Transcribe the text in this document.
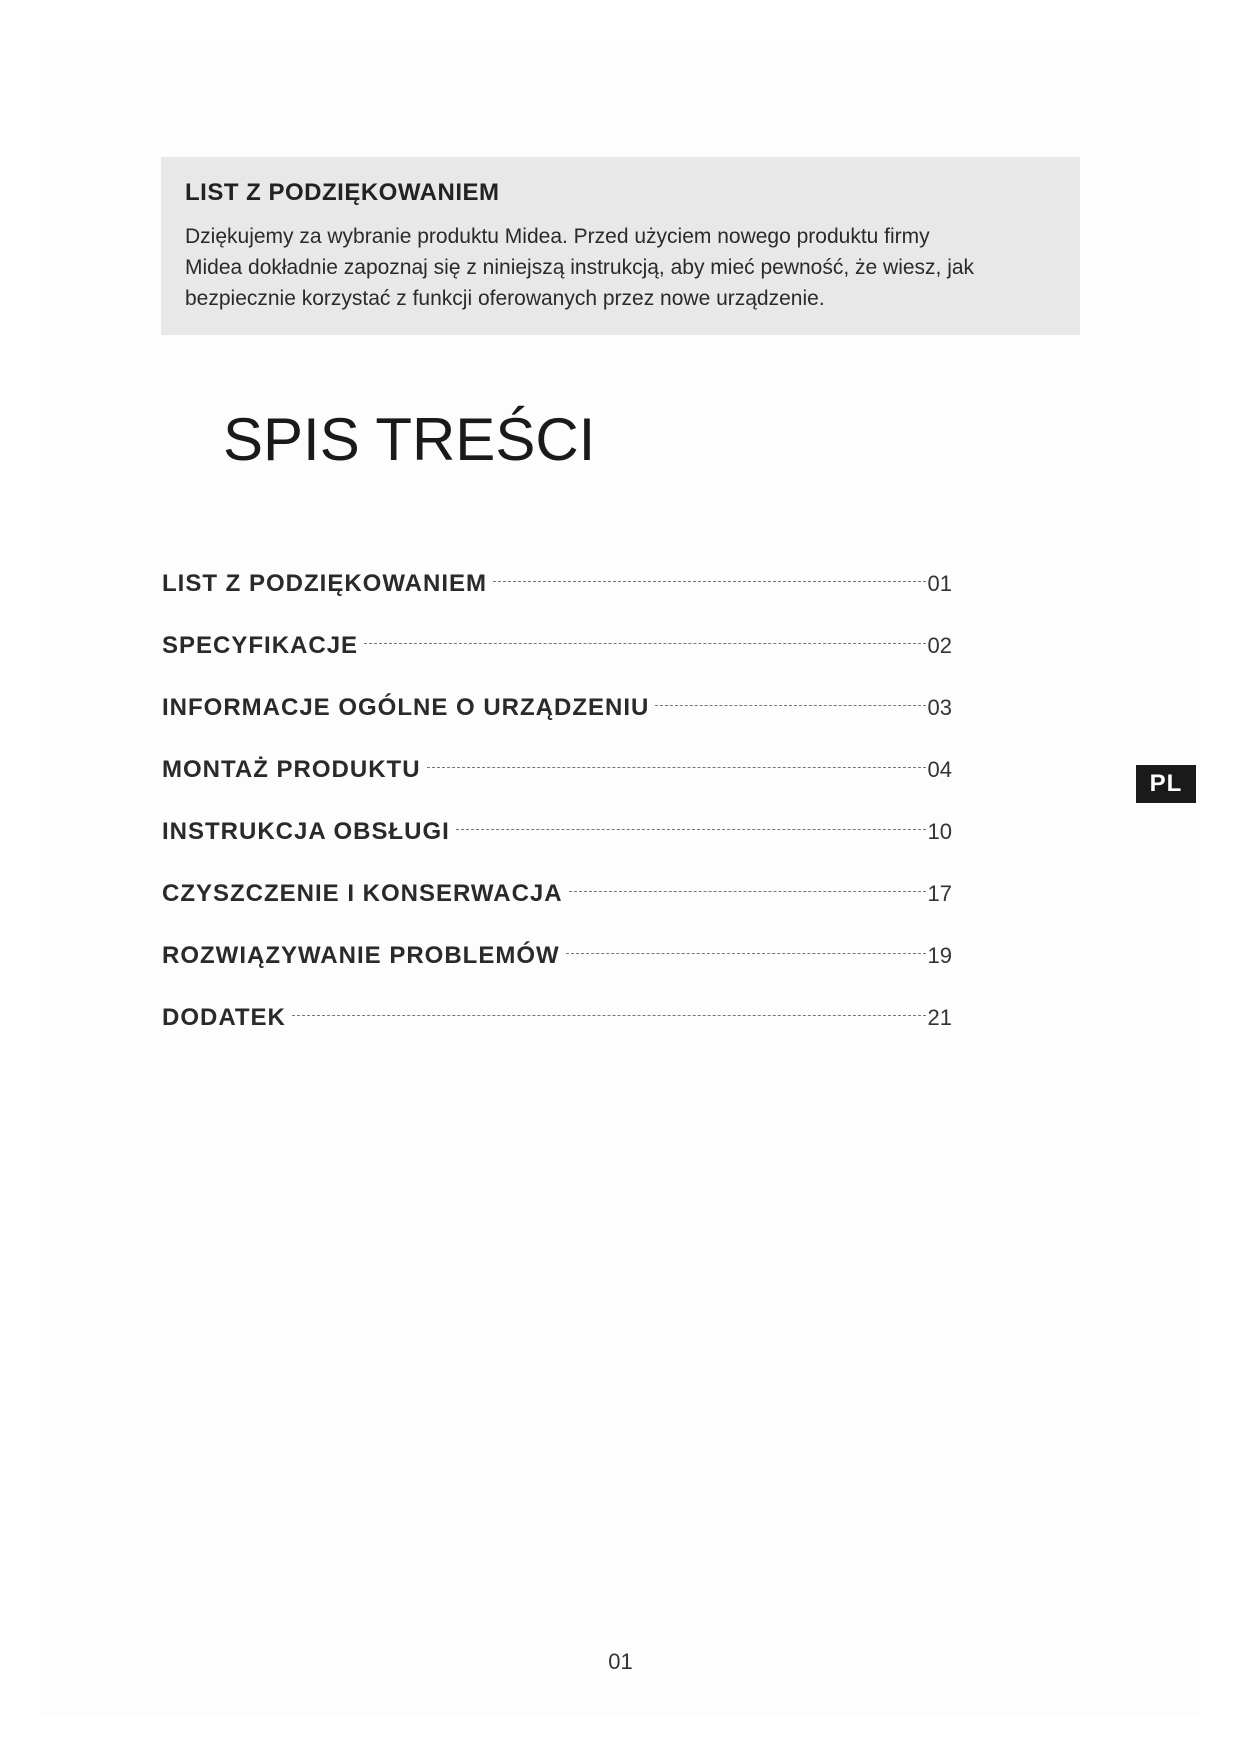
LIST Z PODZIĘKOWANIEM

Dziękujemy za wybranie produktu Midea. Przed użyciem nowego produktu firmy
Midea dokładnie zapoznaj się z niniejszą instrukcją, aby mieć pewność, że wiesz, jak
bezpiecznie korzystać z funkcji oferowanych przez nowe urządzenie.

SPIS TREŚCI
LIST Z PODZIĘKOWANIEM	01
SPECYFIKACJE	02
INFORMACJE OGÓLNE O URZĄDZENIU	03
MONTAŻ PRODUKTU	04
INSTRUKCJA OBSŁUGI	10
CZYSZCZENIE I KONSERWACJA	17
ROZWIĄZYWANIE PROBLEMÓW	19
DODATEK	21
PL
01
